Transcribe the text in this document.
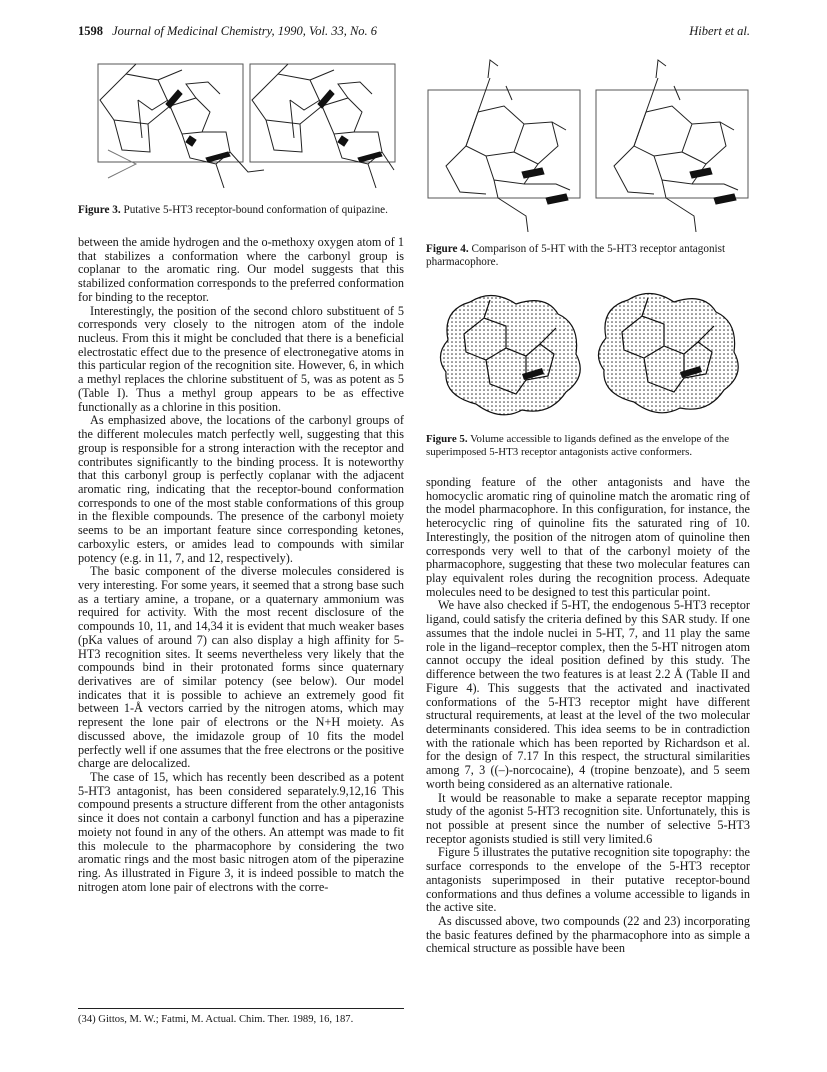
1598 Journal of Medicinal Chemistry, 1990, Vol. 33, No. 6	Hibert et al.
Figure 3. Putative 5-HT3 receptor-bound conformation of quipazine.
Figure 4. Comparison of 5-HT with the 5-HT3 receptor antagonist pharmacophore.
Figure 5. Volume accessible to ligands defined as the envelope of the superimposed 5-HT3 receptor antagonists active conformers.

between the amide hydrogen and the o-methoxy oxygen atom of 1 that stabilizes a conformation where the carbonyl group is coplanar to the aromatic ring. Our model suggests that this stabilized conformation corresponds to the preferred conformation for binding to the receptor.

Interestingly, the position of the second chloro substituent of 5 corresponds very closely to the nitrogen atom of the indole nucleus. From this it might be concluded that there is a beneficial electrostatic effect due to the presence of electronegative atoms in this particular region of the recognition site. However, 6, in which a methyl replaces the chlorine substituent of 5, was as potent as 5 (Table I). Thus a methyl group appears to be as effective functionally as a chlorine in this position.

As emphasized above, the locations of the carbonyl groups of the different molecules match perfectly well, suggesting that this group is responsible for a strong interaction with the receptor and contributes significantly to the binding process. It is noteworthy that this carbonyl group is perfectly coplanar with the adjacent aromatic ring, indicating that the receptor-bound conformation corresponds to one of the most stable conformations of this group in the flexible compounds. The presence of the carbonyl moiety seems to be an important feature since corresponding ketones, carboxylic esters, or amides lead to compounds with similar potency (e.g. in 11, 7, and 12, respectively).

The basic component of the diverse molecules considered is very interesting. For some years, it seemed that a strong base such as a tertiary amine, a tropane, or a quaternary ammonium was required for activity. With the most recent disclosure of the compounds 10, 11, and 14,34 it is evident that much weaker bases (pKa values of around 7) can also display a high affinity for 5-HT3 recognition sites. It seems nevertheless very likely that the compounds bind in their protonated forms since quaternary derivatives are of similar potency (see below). Our model indicates that it is possible to achieve an extremely good fit between 1-Å vectors carried by the nitrogen atoms, which may represent the lone pair of electrons or the N+H moiety. As discussed above, the imidazole group of 10 fits the model perfectly well if one assumes that the free electrons or the positive charge are delocalized.

The case of 15, which has recently been described as a potent 5-HT3 antagonist, has been considered separately.9,12,16 This compound presents a structure different from the other antagonists since it does not contain a carbonyl function and has a piperazine moiety not found in any of the others. An attempt was made to fit this molecule to the pharmacophore by considering the two aromatic rings and the most basic nitrogen atom of the piperazine ring. As illustrated in Figure 3, it is indeed possible to match the nitrogen atom lone pair of electrons with the corre-

sponding feature of the other antagonists and have the homocyclic aromatic ring of quinoline match the aromatic ring of the model pharmacophore. In this configuration, for instance, the heterocyclic ring of quinoline fits the saturated ring of 10. Interestingly, the position of the nitrogen atom of quinoline then corresponds very well to that of the carbonyl moiety of the pharmacophore, suggesting that these two molecular features can play equivalent roles during the recognition process. Adequate molecules need to be designed to test this particular point.

We have also checked if 5-HT, the endogenous 5-HT3 receptor ligand, could satisfy the criteria defined by this SAR study. If one assumes that the indole nuclei in 5-HT, 7, and 11 play the same role in the ligand–receptor complex, then the 5-HT nitrogen atom cannot occupy the ideal position defined by this study. The difference between the two features is at least 2.2 Å (Table II and Figure 4). This suggests that the activated and inactivated conformations of the 5-HT3 receptor might have different structural requirements, at least at the level of the two molecular determinants considered. This idea seems to be in contradiction with the rationale which has been reported by Richardson et al. for the design of 7.17 In this respect, the structural similarities among 7, 3 ((–)-norcocaine), 4 (tropine benzoate), and 5 seem worth being considered as an alternative rationale.

It would be reasonable to make a separate receptor mapping study of the agonist 5-HT3 recognition site. Unfortunately, this is not possible at present since the number of selective 5-HT3 receptor agonists studied is still very limited.6

Figure 5 illustrates the putative recognition site topography: the surface corresponds to the envelope of the 5-HT3 receptor antagonists superimposed in their putative receptor-bound conformations and thus defines a volume accessible to ligands in the active site.

As discussed above, two compounds (22 and 23) incorporating the basic features defined by the pharmacophore into as simple a chemical structure as possible have been

(34) Gittos, M. W.; Fatmi, M. Actual. Chim. Ther. 1989, 16, 187.
